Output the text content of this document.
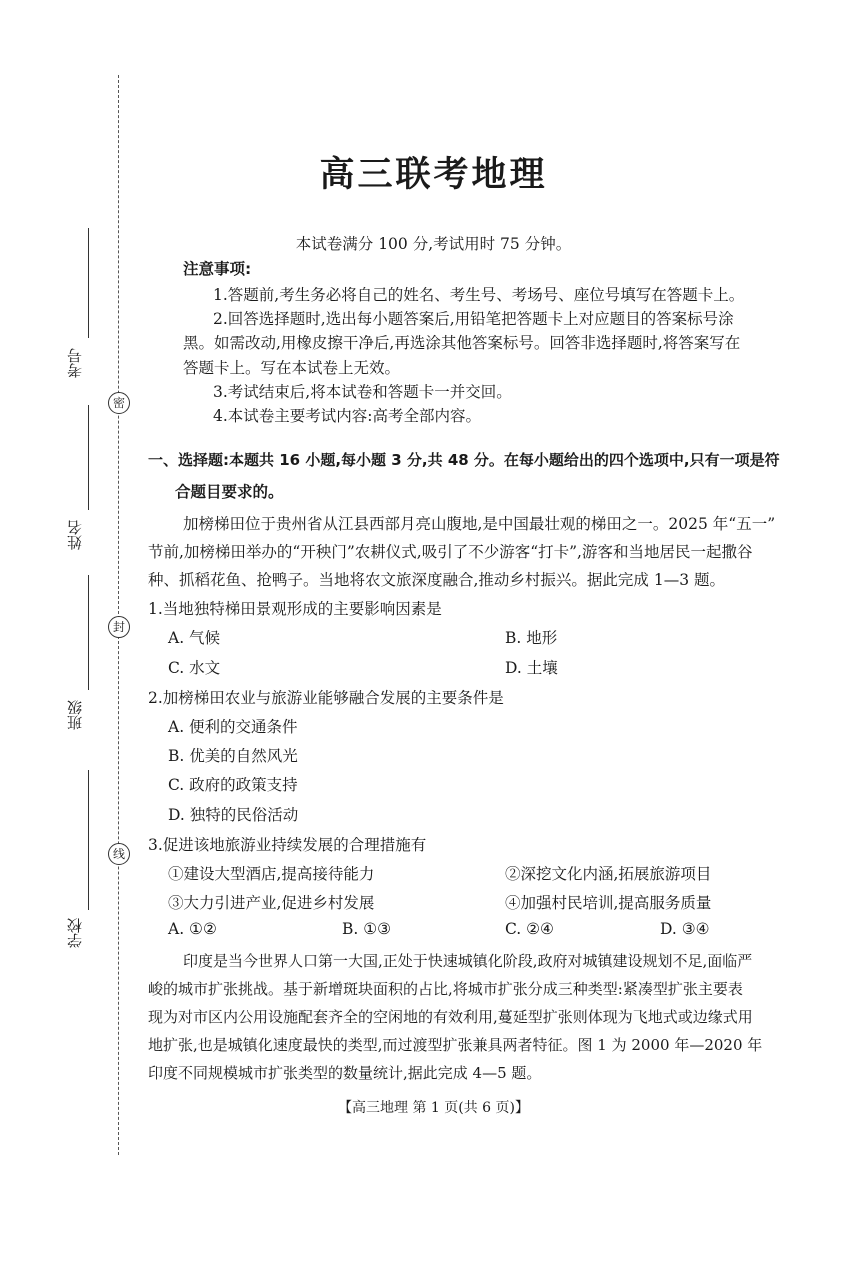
考号
密
姓名
封
班级
线
学校
高三联考地理
本试卷满分 100 分,考试用时 75 分钟。
注意事项:
1.答题前,考生务必将自己的姓名、考生号、考场号、座位号填写在答题卡上。
2.回答选择题时,选出每小题答案后,用铅笔把答题卡上对应题目的答案标号涂
黑。如需改动,用橡皮擦干净后,再选涂其他答案标号。回答非选择题时,将答案写在
答题卡上。写在本试卷上无效。
3.考试结束后,将本试卷和答题卡一并交回。
4.本试卷主要考试内容:高考全部内容。
一、选择题:本题共 16 小题,每小题 3 分,共 48 分。在每小题给出的四个选项中,只有一项是符
合题目要求的。
加榜梯田位于贵州省从江县西部月亮山腹地,是中国最壮观的梯田之一。2025 年“五一”
节前,加榜梯田举办的“开秧门”农耕仪式,吸引了不少游客“打卡”,游客和当地居民一起撒谷
种、抓稻花鱼、抢鸭子。当地将农文旅深度融合,推动乡村振兴。据此完成 1—3 题。
1.当地独特梯田景观形成的主要影响因素是
A. 气候	B. 地形
C. 水文	D. 土壤
2.加榜梯田农业与旅游业能够融合发展的主要条件是
A. 便利的交通条件
B. 优美的自然风光
C. 政府的政策支持
D. 独特的民俗活动
3.促进该地旅游业持续发展的合理措施有
①建设大型酒店,提高接待能力	②深挖文化内涵,拓展旅游项目
③大力引进产业,促进乡村发展	④加强村民培训,提高服务质量
A. ①②	B. ①③	C. ②④	D. ③④
印度是当今世界人口第一大国,正处于快速城镇化阶段,政府对城镇建设规划不足,面临严
峻的城市扩张挑战。基于新增斑块面积的占比,将城市扩张分成三种类型:紧凑型扩张主要表
现为对市区内公用设施配套齐全的空闲地的有效利用,蔓延型扩张则体现为飞地式或边缘式用
地扩张,也是城镇化速度最快的类型,而过渡型扩张兼具两者特征。图 1 为 2000 年—2020 年
印度不同规模城市扩张类型的数量统计,据此完成 4—5 题。
【高三地理 第 1 页(共 6 页)】
